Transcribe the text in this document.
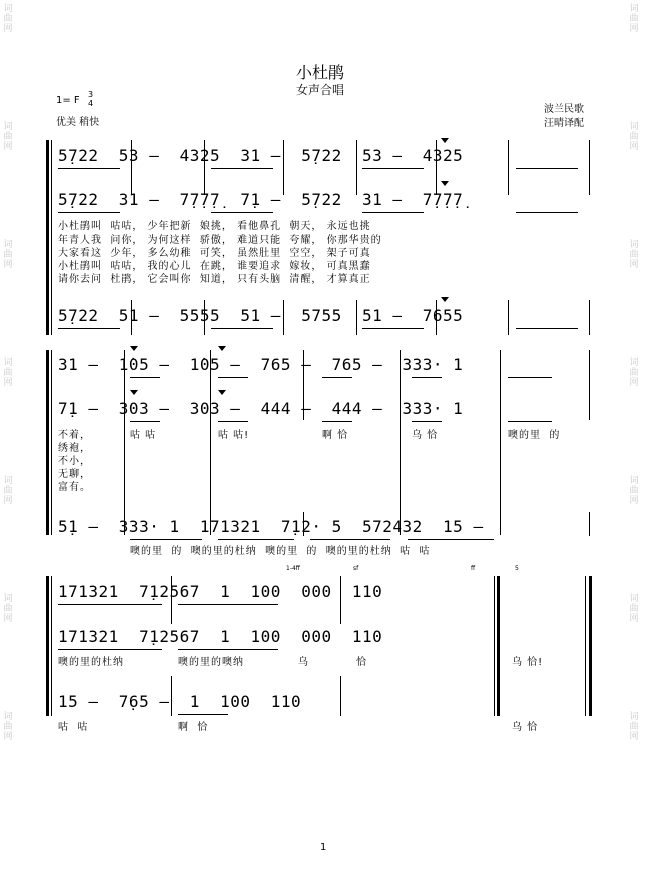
词
曲
网
词
曲
网
词
曲
网
词
曲
网
词
曲
网
词
曲
网
词
曲
网
词
曲
网
词
曲
网
词
曲
网
词
曲
网
词
曲
网
词
曲
网
词
曲
网
小杜鹃
女声合唱
1= F
3
4
优美 稍快
波兰民歌
汪晴译配
5̣722  53 –  4325  31 –  5̣722  53 –  4325
5̣722  31 –  7̣7̣7̣7̣  7̣1 –  5̣722  31 –  7̣7̣7̣7̣
小杜鹃叫  咕咕， 少年把新  娘挑， 看他鼻孔  朝天， 永远也挑
年青人我  问你， 为何这样  骄傲， 难道只能  夸耀， 你那华贵的
大家看这  少年， 多么幼稚  可笑， 虽然肚里  空空， 架子可真
小杜鹃叫  咕咕， 我的心儿  在跳， 谁要追求  嫁妆， 可真黑蠢
请你去问  杜鹃， 它会叫你  知道， 只有头脑  清醒， 才算真正
5̣722  51 –  5555  51 –  5755  51 –  7655
31 –  1̇05 –  1̇05 –  765 –  765 –  333· 1
7̣1 –  303 –  303 –  444 –  444 –  333· 1
不着，
绣袍，
不小，
无聊，
富有。
咕 咕	咕 咕!	啊 恰	乌 恰	噢的里  的
5̣1 –  333· 1  171321  7̣12· 5  572432  15 –
噢的里  的  噢的里的杜纳  噢的里  的  噢的里的杜纳  咕  咕
1-4ff	sf	ff	5
171321  7̣12567  1  100  000  110
171321  7̣12567  1  100  000  110
噢的里的杜纳	噢的里的噢纳	乌	恰	乌 恰!
15 –  7̣65 –  1  100  110
咕  咕	啊  恰	乌 恰
1
